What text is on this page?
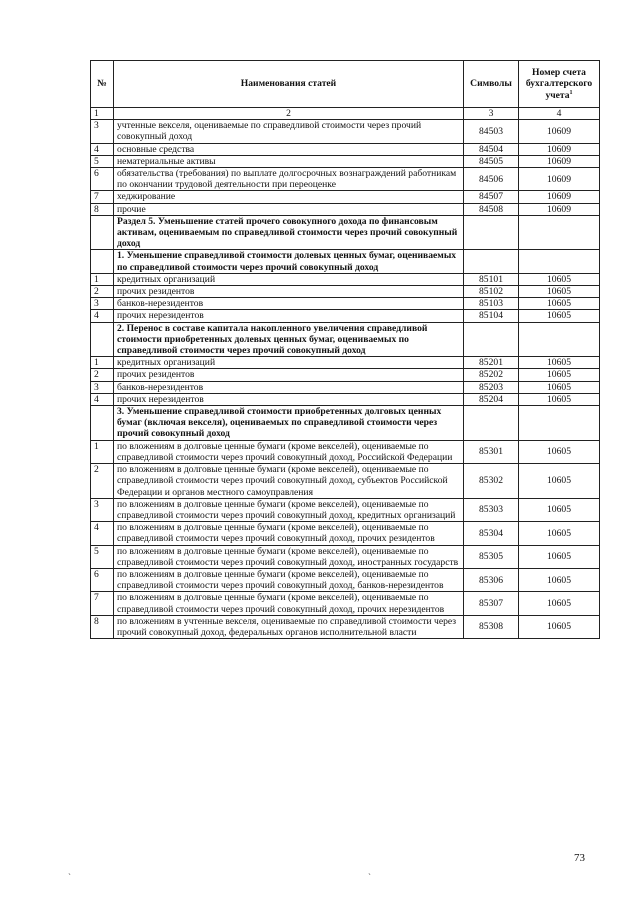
№	Наименования статей	Символы	Номер счета бухгалтерского учета$^1$
1	2	3	4
3	учтенные векселя, оцениваемые по справедливой стоимости через прочий совокупный доход	84503	10609
4	основные средства	84504	10609
5	нематериальные активы	84505	10609
6	обязательства (требования) по выплате долгосрочных вознаграждений работникам по окончании трудовой деятельности при переоценке	84506	10609
7	хеджирование	84507	10609
8	прочие	84508	10609
	Раздел 5. Уменьшение статей прочего совокупного дохода по финансовым активам, оцениваемым по справедливой стоимости через прочий совокупный доход		
	1. Уменьшение справедливой стоимости долевых ценных бумаг, оцениваемых по справедливой стоимости через прочий совокупный доход		
1	кредитных организаций	85101	10605
2	прочих резидентов	85102	10605
3	банков-нерезидентов	85103	10605
4	прочих нерезидентов	85104	10605
	2. Перенос в составе капитала накопленного увеличения справедливой стоимости приобретенных долевых ценных бумаг, оцениваемых по справедливой стоимости через прочий совокупный доход		
1	кредитных организаций	85201	10605
2	прочих резидентов	85202	10605
3	банков-нерезидентов	85203	10605
4	прочих нерезидентов	85204	10605
	3. Уменьшение справедливой стоимости приобретенных долговых ценных бумаг (включая векселя), оцениваемых по справедливой стоимости через прочий совокупный доход		
1	по вложениям в долговые ценные бумаги (кроме векселей), оцениваемые по справедливой стоимости через прочий совокупный доход, Российской Федерации	85301	10605
2	по вложениям в долговые ценные бумаги (кроме векселей), оцениваемые по справедливой стоимости через прочий совокупный доход, субъектов Российской Федерации и органов местного самоуправления	85302	10605
3	по вложениям в долговые ценные бумаги (кроме векселей), оцениваемые по справедливой стоимости через прочий совокупный доход, кредитных организаций	85303	10605
4	по вложениям в долговые ценные бумаги (кроме векселей), оцениваемые по справедливой стоимости через прочий совокупный доход, прочих резидентов	85304	10605
5	по вложениям в долговые ценные бумаги (кроме векселей), оцениваемые по справедливой стоимости через прочий совокупный доход, иностранных государств	85305	10605
6	по вложениям в долговые ценные бумаги (кроме векселей), оцениваемые по справедливой стоимости через прочий совокупный доход, банков-нерезидентов	85306	10605
7	по вложениям в долговые ценные бумаги (кроме векселей), оцениваемые по справедливой стоимости через прочий совокупный доход, прочих нерезидентов	85307	10605
8	по вложениям в учтенные векселя, оцениваемые по справедливой стоимости через прочий совокупный доход, федеральных органов исполнительной власти	85308	10605
73
`	`
